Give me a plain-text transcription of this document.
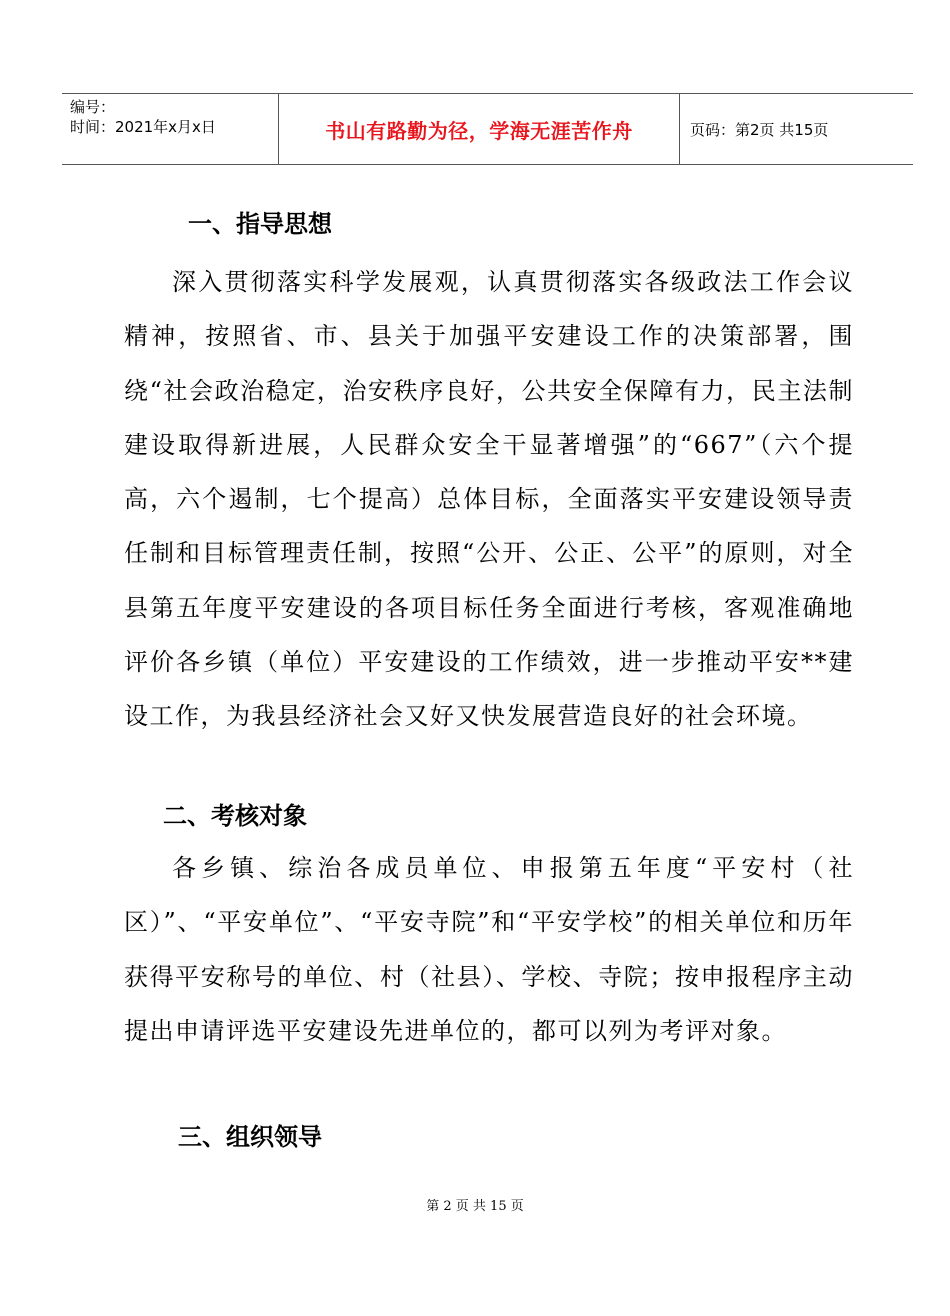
编号：
时间：2021年x月x日	书山有路勤为径，学海无涯苦作舟	页码：第2页 共15页
一、指导思想

深入贯彻落实科学发展观，认真贯彻落实各级政法工作会议精神，按照省、市、县关于加强平安建设工作的决策部署，围绕“社会政治稳定，治安秩序良好，公共安全保障有力，民主法制建设取得新进展，人民群众安全干显著增强”的“667”（六个提高，六个遏制，七个提高）总体目标，全面落实平安建设领导责任制和目标管理责任制，按照“公开、公正、公平”的原则，对全县第五年度平安建设的各项目标任务全面进行考核，客观准确地评价各乡镇（单位）平安建设的工作绩效，进一步推动平安**建设工作，为我县经济社会又好又快发展营造良好的社会环境。

二、考核对象

各乡镇、综治各成员单位、申报第五年度“平安村（社区）”、“平安单位”、“平安寺院”和“平安学校”的相关单位和历年获得平安称号的单位、村（社县）、学校、寺院；按申报程序主动提出申请评选平安建设先进单位的，都可以列为考评对象。

三、组织领导
第 2 页 共 15 页
